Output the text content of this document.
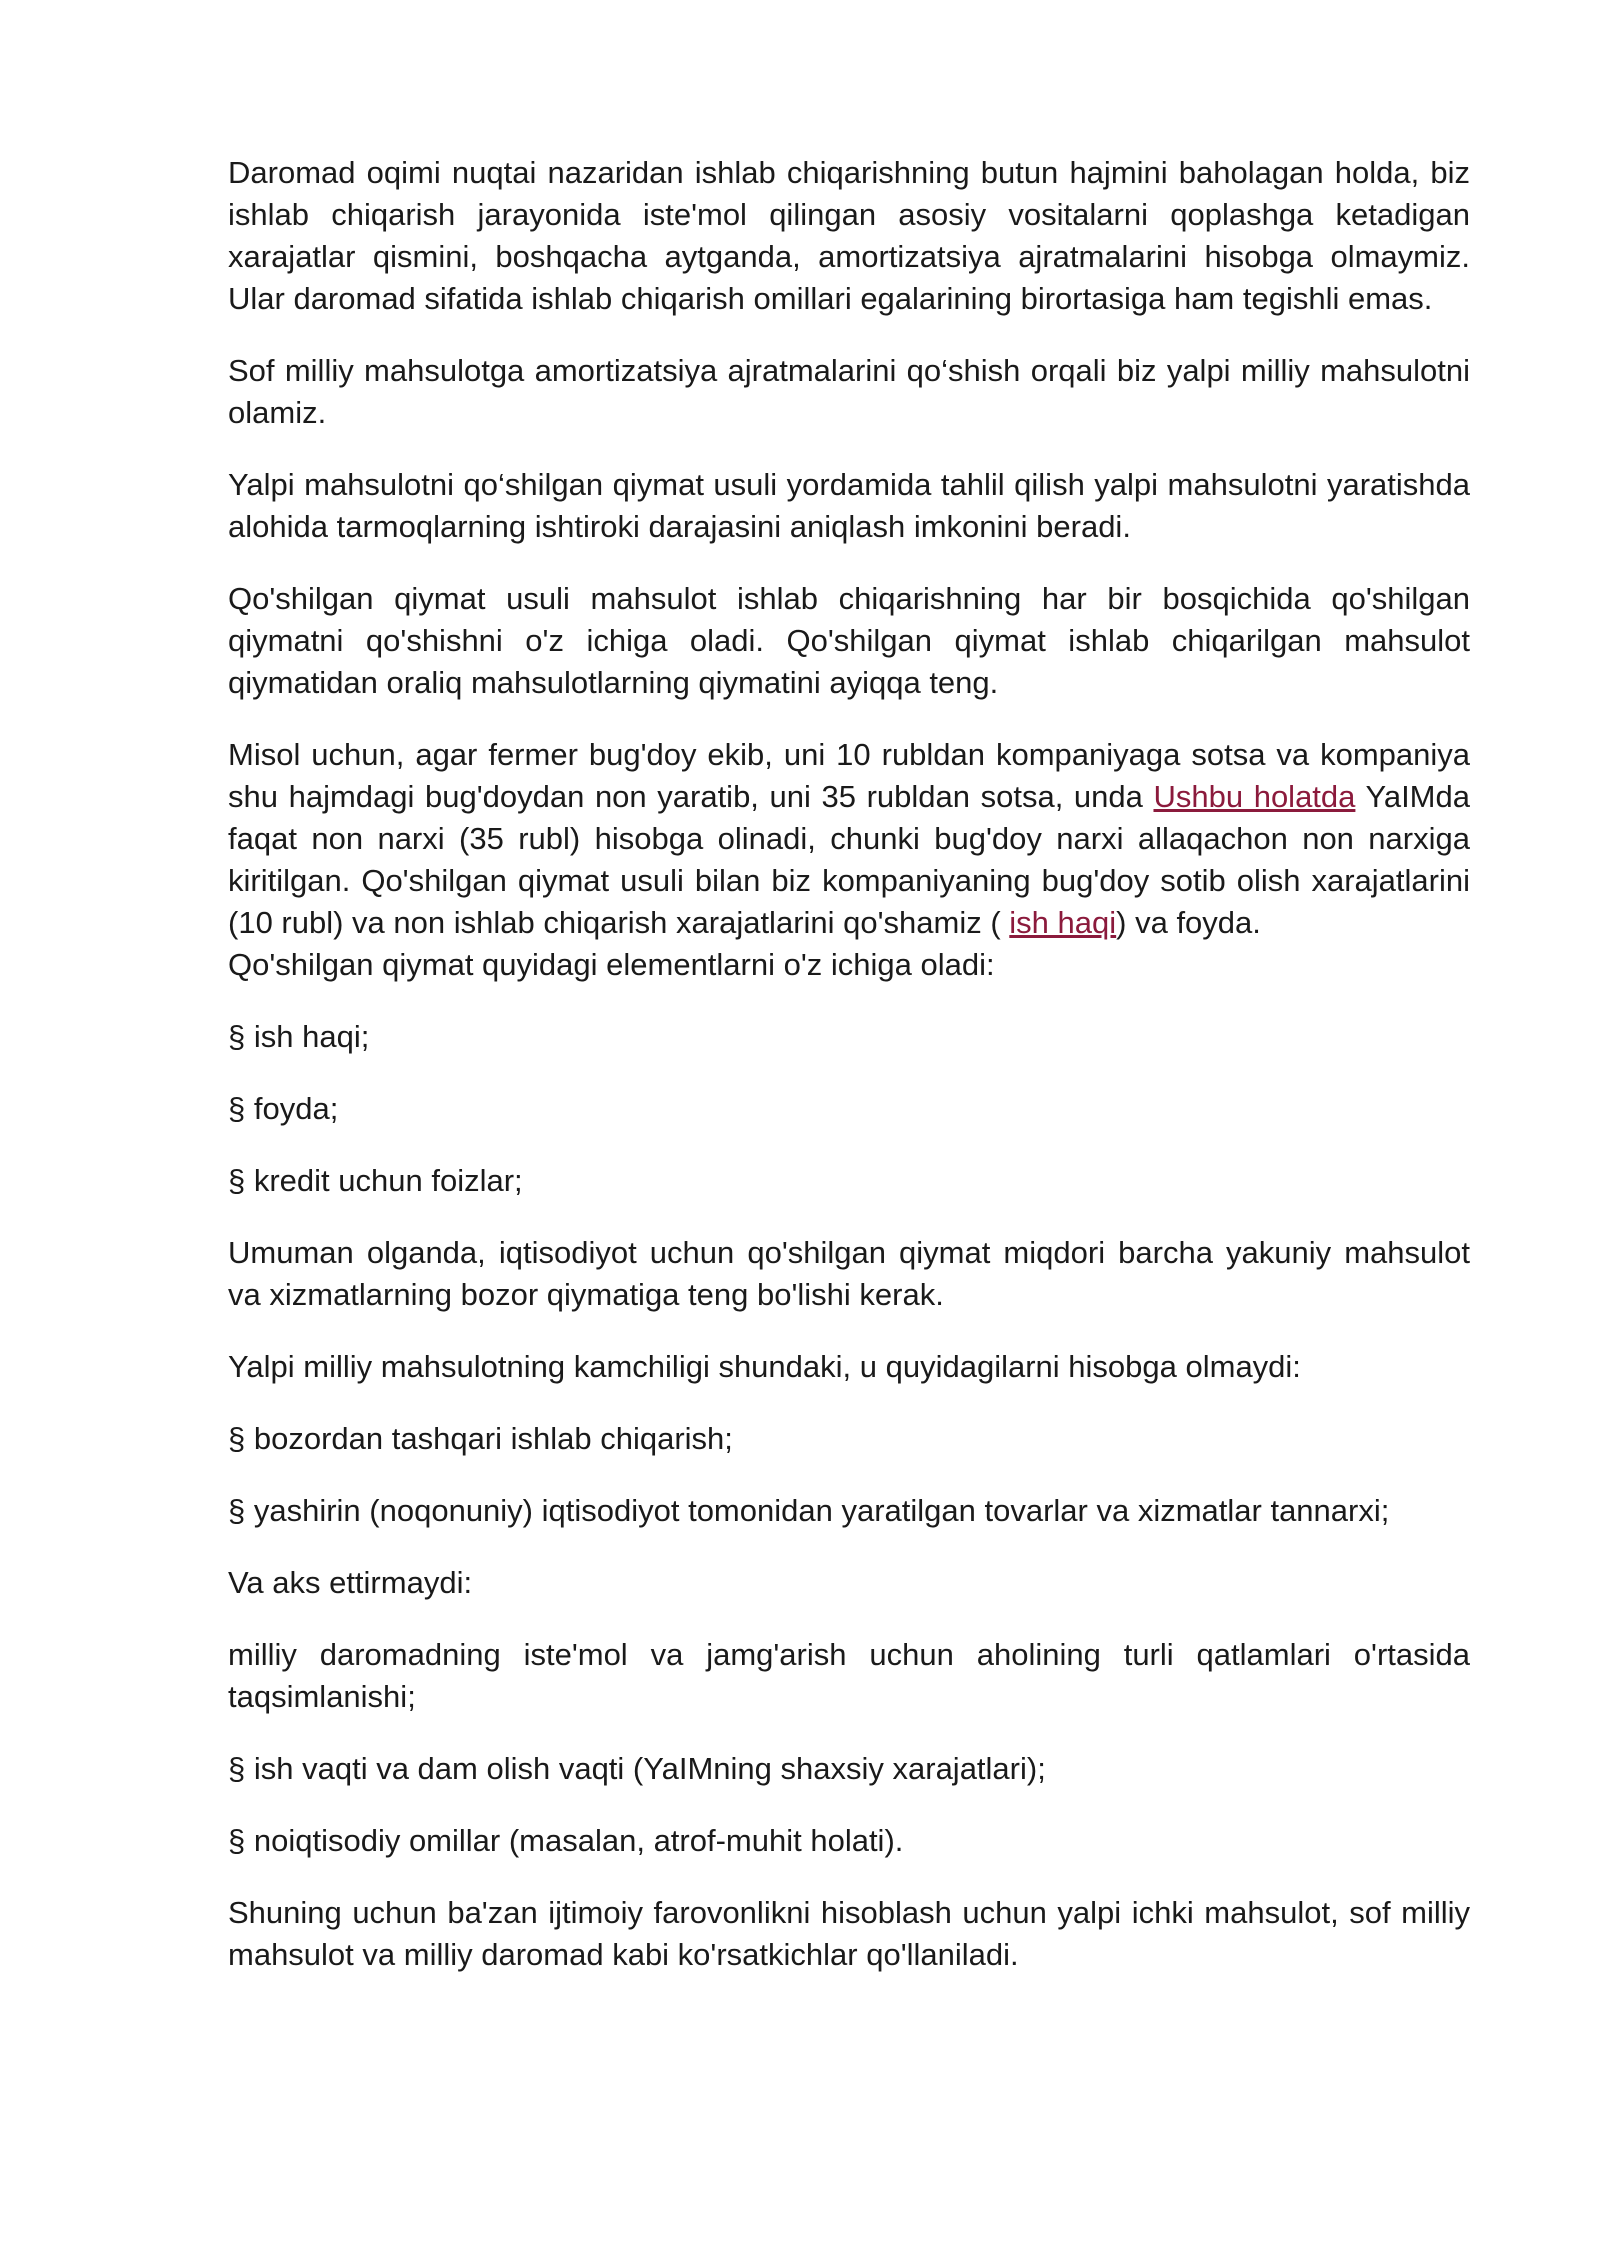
Daromad oqimi nuqtai nazaridan ishlab chiqarishning butun hajmini baholagan holda, biz ishlab chiqarish jarayonida iste'mol qilingan asosiy vositalarni qoplashga ketadigan xarajatlar qismini, boshqacha aytganda, amortizatsiya ajratmalarini hisobga olmaymiz. Ular daromad sifatida ishlab chiqarish omillari egalarining birortasiga ham tegishli emas.

Sof milliy mahsulotga amortizatsiya ajratmalarini qo‘shish orqali biz yalpi milliy mahsulotni olamiz.

Yalpi mahsulotni qo‘shilgan qiymat usuli yordamida tahlil qilish yalpi mahsulotni yaratishda alohida tarmoqlarning ishtiroki darajasini aniqlash imkonini beradi.

Qo'shilgan qiymat usuli mahsulot ishlab chiqarishning har bir bosqichida qo'shilgan qiymatni qo'shishni o'z ichiga oladi. Qo'shilgan qiymat ishlab chiqarilgan mahsulot qiymatidan oraliq mahsulotlarning qiymatini ayiqqa teng.

Misol uchun, agar fermer bug'doy ekib, uni 10 rubldan kompaniyaga sotsa va kompaniya shu hajmdagi bug'doydan non yaratib, uni 35 rubldan sotsa, unda Ushbu holatda YaIMda faqat non narxi (35 rubl) hisobga olinadi, chunki bug'doy narxi allaqachon non narxiga kiritilgan. Qo'shilgan qiymat usuli bilan biz kompaniyaning bug'doy sotib olish xarajatlarini (10 rubl) va non ishlab chiqarish xarajatlarini qo'shamiz ( ish haqi) va foyda.

Qo'shilgan qiymat quyidagi elementlarni o'z ichiga oladi:

§ ish haqi;

§ foyda;

§ kredit uchun foizlar;

Umuman olganda, iqtisodiyot uchun qo'shilgan qiymat miqdori barcha yakuniy mahsulot va xizmatlarning bozor qiymatiga teng bo'lishi kerak.

Yalpi milliy mahsulotning kamchiligi shundaki, u quyidagilarni hisobga olmaydi:

§ bozordan tashqari ishlab chiqarish;

§ yashirin (noqonuniy) iqtisodiyot tomonidan yaratilgan tovarlar va xizmatlar tannarxi;

Va aks ettirmaydi:

milliy daromadning iste'mol va jamg'arish uchun aholining turli qatlamlari o'rtasida taqsimlanishi;

§ ish vaqti va dam olish vaqti (YaIMning shaxsiy xarajatlari);

§ noiqtisodiy omillar (masalan, atrof-muhit holati).

Shuning uchun ba'zan ijtimoiy farovonlikni hisoblash uchun yalpi ichki mahsulot, sof milliy mahsulot va milliy daromad kabi ko'rsatkichlar qo'llaniladi.
